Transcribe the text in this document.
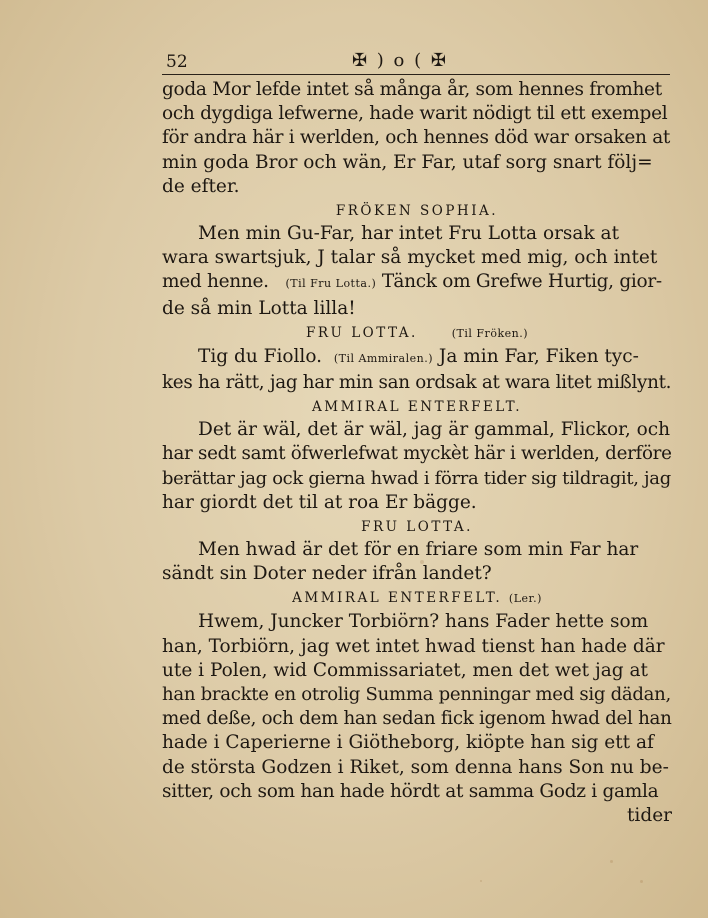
52	✠ ) o ( ✠

goda Mor lefde intet så många år, som hennes fromhet
och dygdiga lefwerne, hade warit nödigt til ett exempel
för andra här i werlden, och hennes död war orsaken at
min goda Bror och wän, Er Far, utaf sorg snart följ=
de efter.

FRÖKEN SOPHIA.

Men min Gu-Far, har intet Fru Lotta orsak at
wara swartsjuk, J talar så mycket med mig, och intet
med henne. (Til Fru Lotta.) Tänck om Grefwe Hurtig, gior-
de så min Lotta lilla!

FRU LOTTA.	(Til Fröken.)

Tig du Fiollo. (Til Ammiralen.) Ja min Far, Fiken tyc-
kes ha rätt, jag har min san ordsak at wara litet mißlynt.

AMMIRAL ENTERFELT.

Det är wäl, det är wäl, jag är gammal, Flickor, och
har sedt samt öfwerlefwat myckèt här i werlden, derföre
berättar jag ock gierna hwad i förra tider sig tildragit, jag
har giordt det til at roa Er bägge.

FRU LOTTA.

Men hwad är det för en friare som min Far har
sändt sin Doter neder ifrån landet?

AMMIRAL ENTERFELT. (Ler.)

Hwem, Juncker Torbiörn? hans Fader hette som
han, Torbiörn, jag wet intet hwad tienst han hade där
ute i Polen, wid Commissariatet, men det wet jag at
han brackte en otrolig Summa penningar med sig dädan,
med deße, och dem han sedan fick igenom hwad del han
hade i Caperierne i Giötheborg, kiöpte han sig ett af
de största Godzen i Riket, som denna hans Son nu be-
sitter, och som han hade hördt at samma Godz i gamla

tider
